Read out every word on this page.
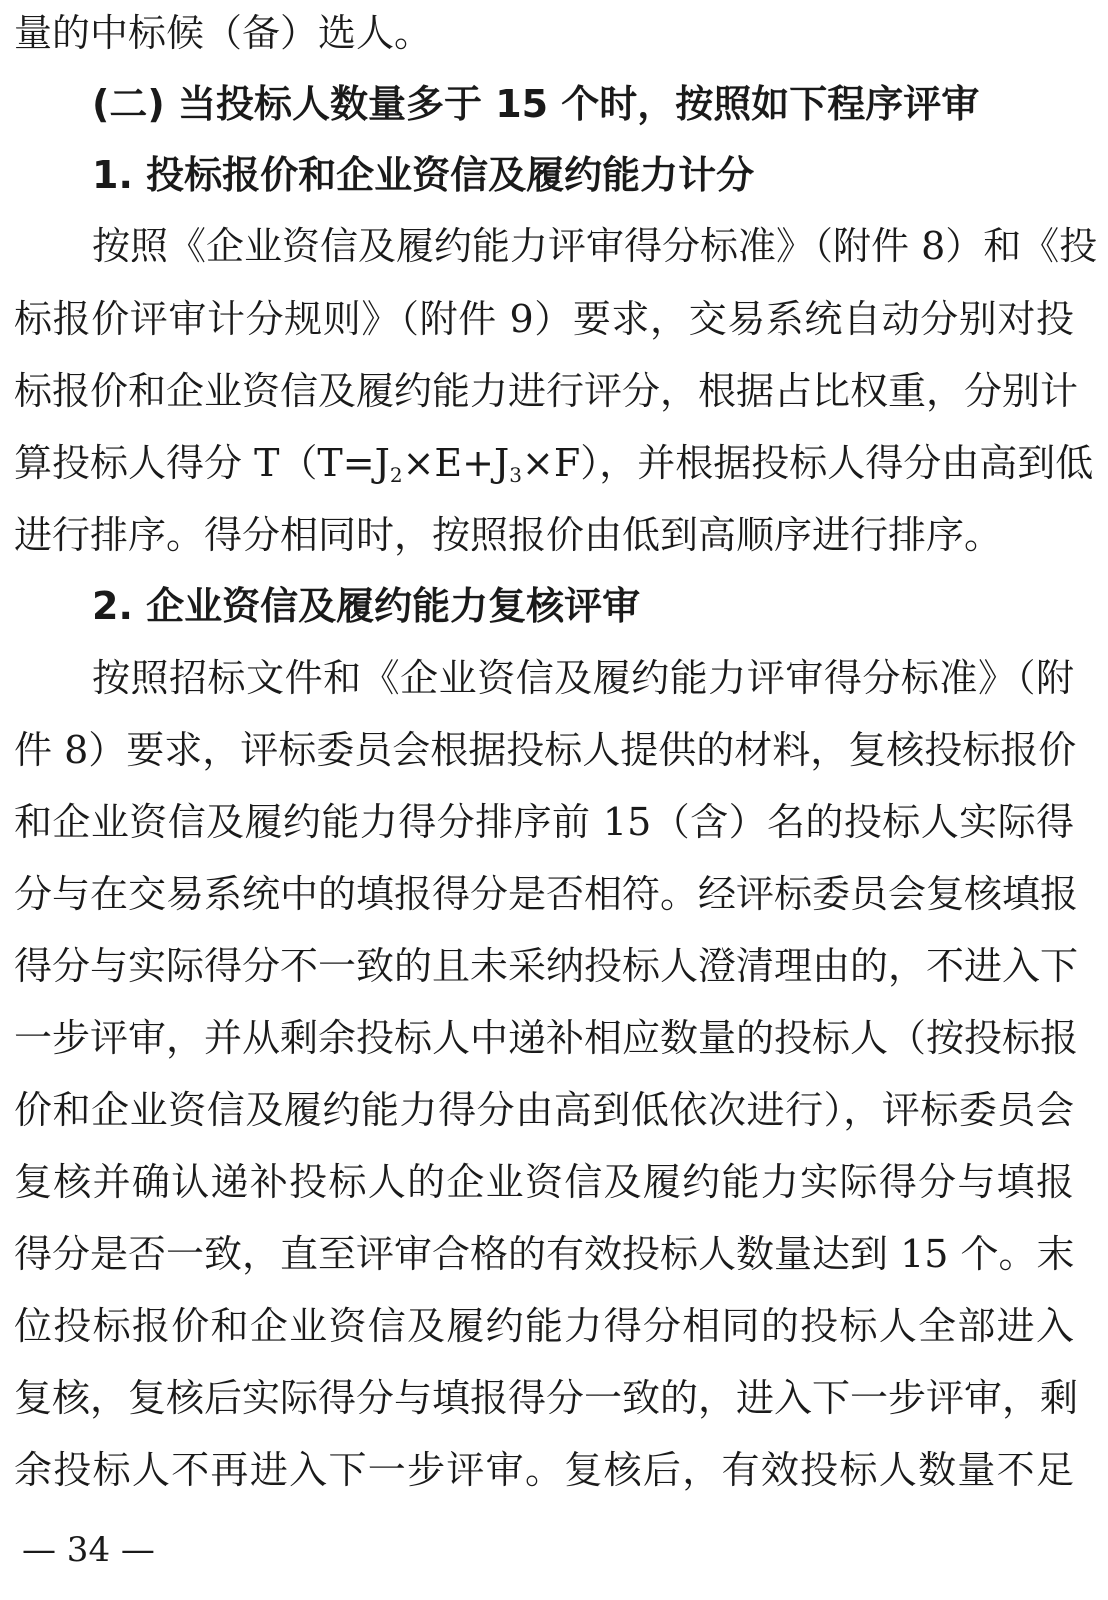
量的中标候（备）选人。
(二) 当投标人数量多于 15 个时，按照如下程序评审
1. 投标报价和企业资信及履约能力计分
按照《企业资信及履约能力评审得分标准》（附件 8）和《投
标报价评审计分规则》（附件 9）要求，交易系统自动分别对投
标报价和企业资信及履约能力进行评分，根据占比权重，分别计
算投标人得分 $T(T=J_2\times E+J_3\times F)$，并根据投标人得分由高到低
进行排序。得分相同时，按照报价由低到高顺序进行排序。
2. 企业资信及履约能力复核评审
按照招标文件和《企业资信及履约能力评审得分标准》（附
件 8）要求，评标委员会根据投标人提供的材料，复核投标报价
和企业资信及履约能力得分排序前 15（含）名的投标人实际得
分与在交易系统中的填报得分是否相符。经评标委员会复核填报
得分与实际得分不一致的且未采纳投标人澄清理由的，不进入下
一步评审，并从剩余投标人中递补相应数量的投标人（按投标报
价和企业资信及履约能力得分由高到低依次进行），评标委员会
复核并确认递补投标人的企业资信及履约能力实际得分与填报
得分是否一致，直至评审合格的有效投标人数量达到 15 个。末
位投标报价和企业资信及履约能力得分相同的投标人全部进入
复核，复核后实际得分与填报得分一致的，进入下一步评审，剩
余投标人不再进入下一步评审。复核后，有效投标人数量不足
— 34 —
